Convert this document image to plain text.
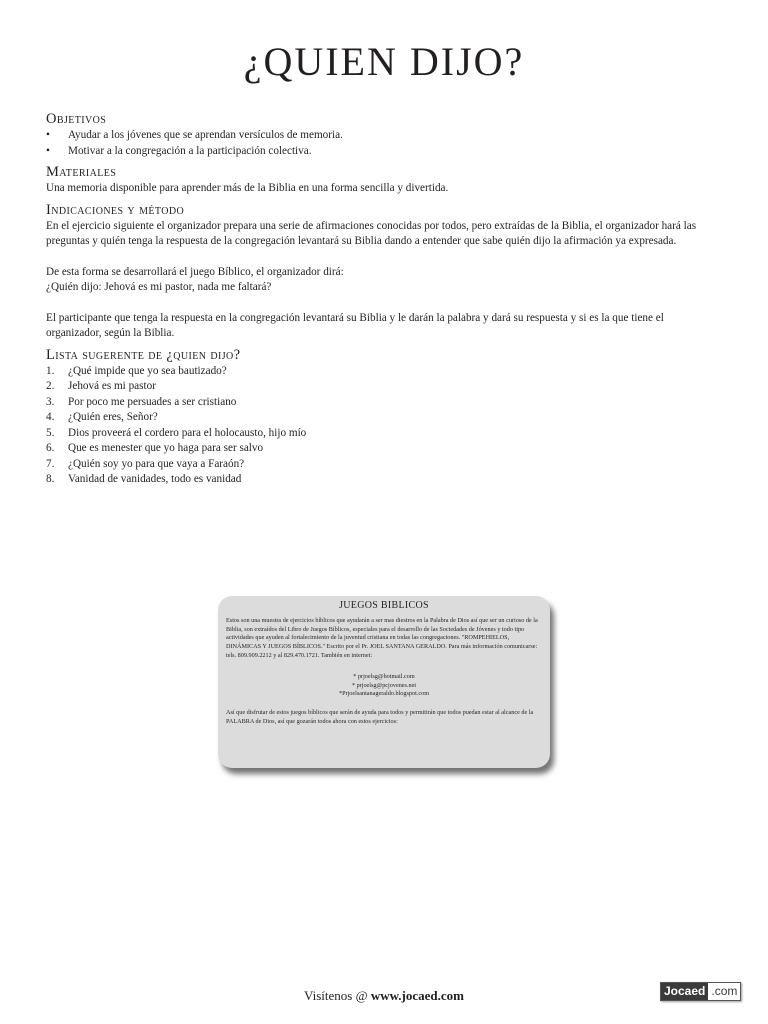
¿QUIEN DIJO?
Objetivos
•	Ayudar a los jóvenes que se aprendan versículos de memoria.
•	Motivar a la congregación a la participación colectiva.
Materiales

Una memoria disponible para aprender más de la Biblia en una forma sencilla y divertida.

Indicaciones y método

En el ejercicio siguiente el organizador prepara una serie de afirmaciones conocidas por todos, pero extraídas de la Biblia, el organizador hará las preguntas y quién tenga la respuesta de la congregación levantará su Biblia dando a entender que sabe quién dijo la afirmación ya expresada.

De esta forma se desarrollará el juego Bíblico, el organizador dirá:

¿Quién dijo: Jehová es mi pastor, nada me faltará?

El participante que tenga la respuesta en la congregación levantará su Biblia y le darán la palabra y dará su respuesta y si es la que tiene el organizador, según la Biblia.

Lista sugerente de ¿quien dijo?
1.	¿Qué impide que yo sea bautizado?
2.	Jehová es mi pastor
3.	Por poco me persuades a ser cristiano
4.	¿Quién eres, Señor?
5.	Dios proveerá el cordero para el holocausto, hijo mío
6.	Que es menester que yo haga para ser salvo
7.	¿Quién soy yo para que vaya a Faraón?
8.	Vanidad de vanidades, todo es vanidad

JUEGOS BIBLICOS

Estos son una muestra de ejercicios bíblicos que ayudarán a ser mas diestros en la Palabra de Dios así que ser un curioso de la Biblia, son extraídos del Libro de Juegos Bíblicos, especiales para el desarrollo de las Sociedades de Jóvenes y todo tipo actividades que ayuden al fortalecimiento de la juventud cristiana en todas las congregaciones. "ROMPEHIELOS, DINÁMICAS Y JUEGOS BÍBLICOS." Escrito por el Pr. JOEL SANTANA GERALDO. Para más información comunicarse: tels. 809.909.2212 y al 829.470.1721. También en internet:

* prjoelsg@hotmail.com
* prjoelsg@pcjovenes.net
*Prjoelsantanageraldo.blogspot.com

Así que disfrutar de estos juegos bíblicos que serán de ayuda para todos y permitirán que todos puedan estar al alcance de la PALABRA de Dios, así que gozarán todos ahora con estos ejercicios:

Visítenos @ www.jocaed.com	Jocaed .com
